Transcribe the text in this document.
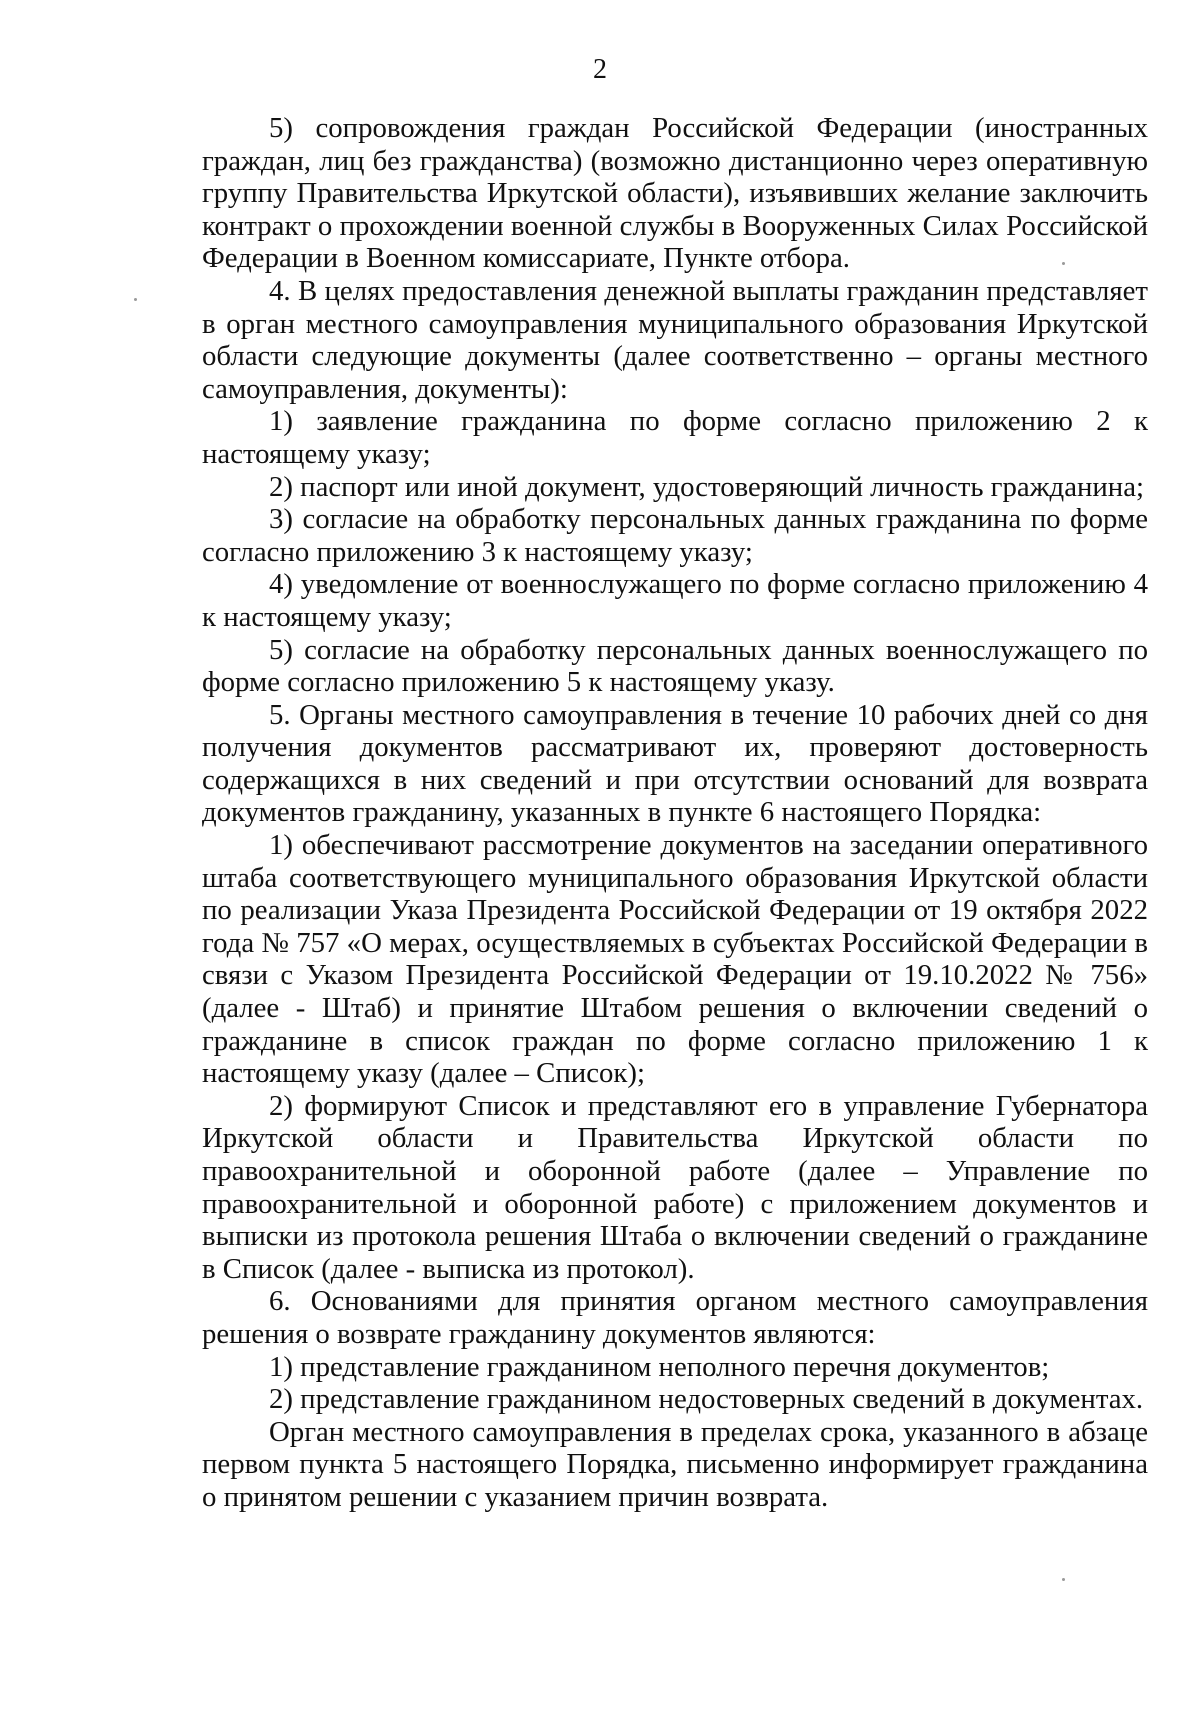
2

5) сопровождения граждан Российской Федерации (иностранных граждан, лиц без гражданства) (возможно дистанционно через оперативную группу Правительства Иркутской области), изъявивших желание заключить контракт о прохождении военной службы в Вооруженных Силах Российской Федерации в Военном комиссариате, Пункте отбора.

4. В целях предоставления денежной выплаты гражданин представляет в орган местного самоуправления муниципального образования Иркутской области следующие документы (далее соответственно – органы местного самоуправления, документы):

1) заявление гражданина по форме согласно приложению 2 к настоящему указу;

2) паспорт или иной документ, удостоверяющий личность гражданина;

3) согласие на обработку персональных данных гражданина по форме согласно приложению 3 к настоящему указу;

4) уведомление от военнослужащего по форме согласно приложению 4 к настоящему указу;

5) согласие на обработку персональных данных военнослужащего по форме согласно приложению 5 к настоящему указу.

5. Органы местного самоуправления в течение 10 рабочих дней со дня получения документов рассматривают их, проверяют достоверность содержащихся в них сведений и при отсутствии оснований для возврата документов гражданину, указанных в пункте 6 настоящего Порядка:

1) обеспечивают рассмотрение документов на заседании оперативного штаба соответствующего муниципального образования Иркутской области по реализации Указа Президента Российской Федерации от 19 октября 2022 года № 757 «О мерах, осуществляемых в субъектах Российской Федерации в связи с Указом Президента Российской Федерации от 19.10.2022 № 756» (далее - Штаб) и принятие Штабом решения о включении сведений о гражданине в список граждан по форме согласно приложению 1 к настоящему указу (далее – Список);

2) формируют Список и представляют его в управление Губернатора Иркутской области и Правительства Иркутской области по правоохранительной и оборонной работе (далее – Управление по правоохранительной и оборонной работе) с приложением документов и выписки из протокола решения Штаба о включении сведений о гражданине в Список (далее - выписка из протокол).

6. Основаниями для принятия органом местного самоуправления решения о возврате гражданину документов являются:

1) представление гражданином неполного перечня документов;

2) представление гражданином недостоверных сведений в документах.

Орган местного самоуправления в пределах срока, указанного в абзаце первом пункта 5 настоящего Порядка, письменно информирует гражданина о принятом решении с указанием причин возврата.
